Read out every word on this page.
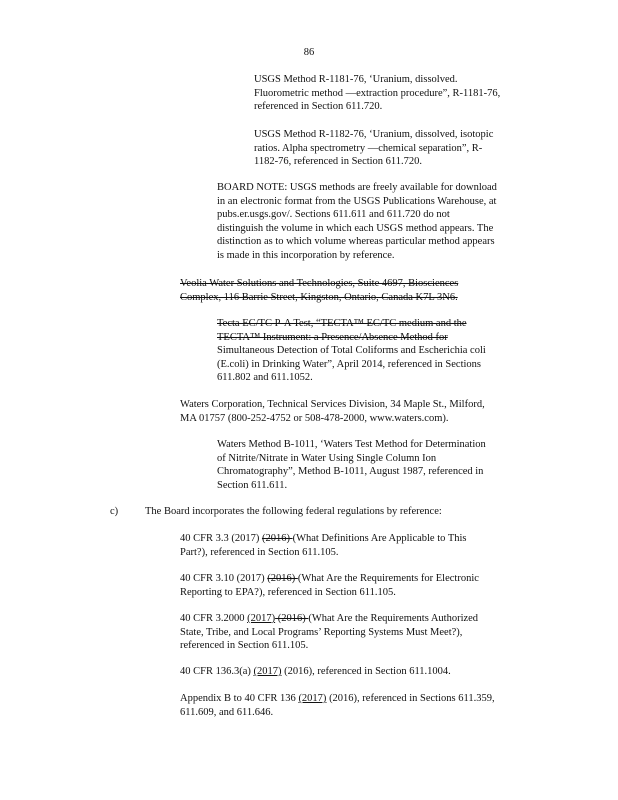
86
USGS Method R-1181-76, ‘Uranium, dissolved.
Fluorometric method —extraction procedure”, R-1181-76,
referenced in Section 611.720.
USGS Method R-1182-76, ‘Uranium, dissolved, isotopic
ratios. Alpha spectrometry —chemical separation”, R-
1182-76, referenced in Section 611.720.
BOARD NOTE: USGS methods are freely available for download
in an electronic format from the USGS Publications Warehouse, at
pubs.er.usgs.gov/. Sections 611.611 and 611.720 do not
distinguish the volume in which each USGS method appears. The
distinction as to which volume whereas particular method appears
is made in this incorporation by reference.
Veolia Water Solutions and Technologies, Suite 4697, Biosciences
Complex, 116 Barrie Street, Kingston, Ontario, Canada K7L 3N6.
Tecta EC/TC P-A Test, “TECTA™ EC/TC medium and the
TECTA™ Instrument: a Presence/Absence Method for
Simultaneous Detection of Total Coliforms and Escherichia coli
(E.coli) in Drinking Water”, April 2014, referenced in Sections
611.802 and 611.1052.
Waters Corporation, Technical Services Division, 34 Maple St., Milford,
MA 01757 (800-252-4752 or 508-478-2000, www.waters.com).
Waters Method B-1011, ‘Waters Test Method for Determination
of Nitrite/Nitrate in Water Using Single Column Ion
Chromatography”, Method B-1011, August 1987, referenced in
Section 611.611.
c)	The Board incorporates the following federal regulations by reference:
40 CFR 3.3 (2017) (2016) (What Definitions Are Applicable to This
Part?), referenced in Section 611.105.
40 CFR 3.10 (2017) (2016) (What Are the Requirements for Electronic
Reporting to EPA?), referenced in Section 611.105.
40 CFR 3.2000 (2017) (2016) (What Are the Requirements Authorized
State, Tribe, and Local Programs’ Reporting Systems Must Meet?),
referenced in Section 611.105.
40 CFR 136.3(a) (2017) (2016), referenced in Section 611.1004.
Appendix B to 40 CFR 136 (2017) (2016), referenced in Sections 611.359,
611.609, and 611.646.
